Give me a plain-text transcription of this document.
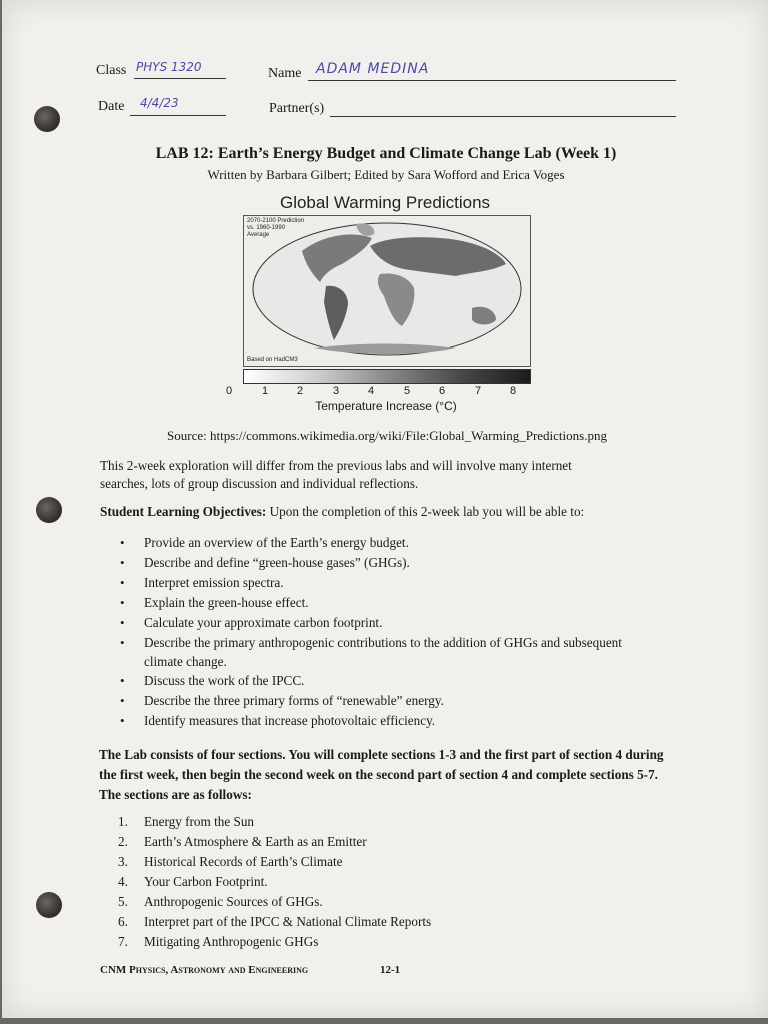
Class PHYS 1320	Name ADAM MEDINA
Date 4/4/23	Partner(s)
LAB 12: Earth’s Energy Budget and Climate Change Lab (Week 1)
Written by Barbara Gilbert; Edited by Sara Wofford and Erica Voges
Global Warming Predictions
2070-2100 Prediction
vs. 1960-1990
Average
Based on HadCM3
0	1	2	3	4	5	6	7	8
Temperature Increase (°C)
Source: https://commons.wikimedia.org/wiki/File:Global_Warming_Predictions.png
This 2-week exploration will differ from the previous labs and will involve many internet
searches, lots of group discussion and individual reflections.
Student Learning Objectives: Upon the completion of this 2-week lab you will be able to:
• Provide an overview of the Earth’s energy budget.
• Describe and define “green-house gases” (GHGs).
• Interpret emission spectra.
• Explain the green-house effect.
• Calculate your approximate carbon footprint.
• Describe the primary anthropogenic contributions to the addition of GHGs and subsequent climate change.
• Discuss the work of the IPCC.
• Describe the three primary forms of “renewable” energy.
• Identify measures that increase photovoltaic efficiency.
The Lab consists of four sections. You will complete sections 1-3 and the first part of section 4 during the first week, then begin the second week on the second part of section 4 and complete sections 5-7. The sections are as follows:
1. Energy from the Sun
2. Earth’s Atmosphere & Earth as an Emitter
3. Historical Records of Earth’s Climate
4. Your Carbon Footprint.
5. Anthropogenic Sources of GHGs.
6. Interpret part of the IPCC & National Climate Reports
7. Mitigating Anthropogenic GHGs
CNM Physics, Astronomy and Engineering	12-1
